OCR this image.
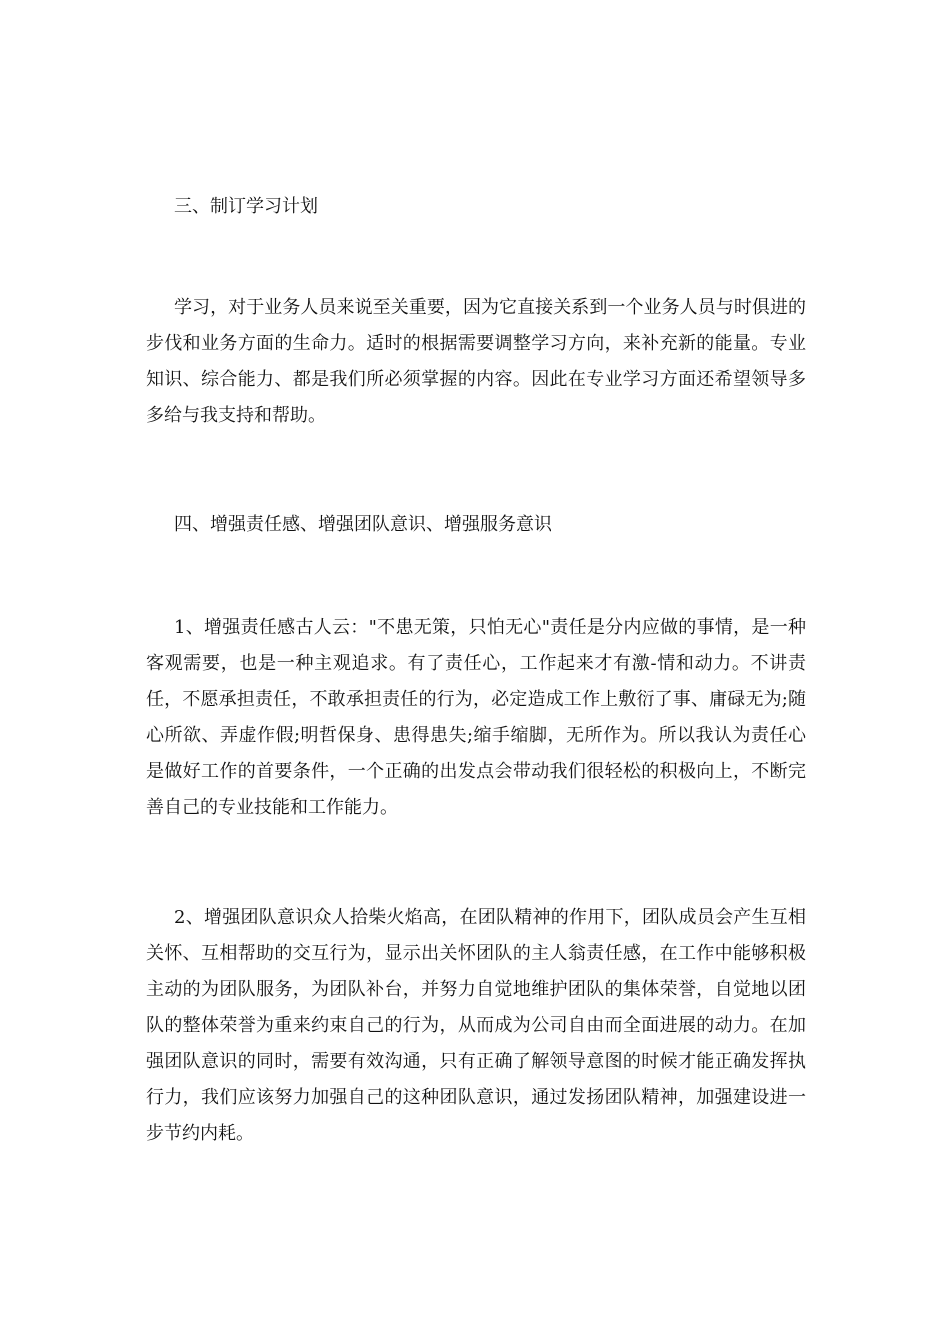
三、制订学习计划

学习，对于业务人员来说至关重要，因为它直接关系到一个业务人员与时俱进的步伐和业务方面的生命力。适时的根据需要调整学习方向，来补充新的能量。专业知识、综合能力、都是我们所必须掌握的内容。因此在专业学习方面还希望领导多多给与我支持和帮助。

四、增强责任感、增强团队意识、增强服务意识

1、增强责任感古人云："不患无策，只怕无心"责任是分内应做的事情，是一种客观需要，也是一种主观追求。有了责任心，工作起来才有激-情和动力。不讲责任，不愿承担责任，不敢承担责任的行为，必定造成工作上敷衍了事、庸碌无为;随心所欲、弄虚作假;明哲保身、患得患失;缩手缩脚，无所作为。所以我认为责任心是做好工作的首要条件，一个正确的出发点会带动我们很轻松的积极向上，不断完善自己的专业技能和工作能力。

2、增强团队意识众人拾柴火焰高，在团队精神的作用下，团队成员会产生互相关怀、互相帮助的交互行为，显示出关怀团队的主人翁责任感，在工作中能够积极主动的为团队服务，为团队补台，并努力自觉地维护团队的集体荣誉，自觉地以团队的整体荣誉为重来约束自己的行为，从而成为公司自由而全面进展的动力。在加强团队意识的同时，需要有效沟通，只有正确了解领导意图的时候才能正确发挥执行力，我们应该努力加强自己的这种团队意识，通过发扬团队精神，加强建设进一步节约内耗。
